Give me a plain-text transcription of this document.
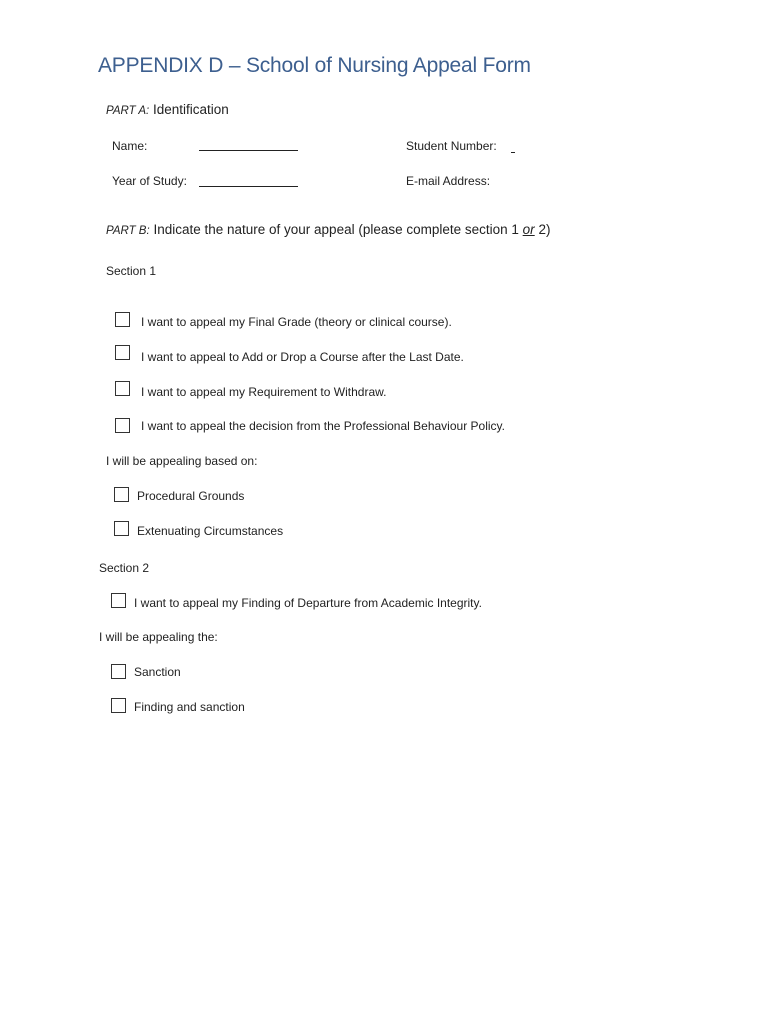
APPENDIX D – School of Nursing Appeal Form
PART A: Identification
Name:	Student Number:
Year of Study:	E-mail Address:
PART B: Indicate the nature of your appeal (please complete section 1 or 2)
Section 1
I want to appeal my Final Grade (theory or clinical course).
I want to appeal to Add or Drop a Course after the Last Date.
I want to appeal my Requirement to Withdraw.
I want to appeal the decision from the Professional Behaviour Policy.
I will be appealing based on:
Procedural Grounds
Extenuating Circumstances
Section 2
I want to appeal my Finding of Departure from Academic Integrity.
I will be appealing the:
Sanction
Finding and sanction
